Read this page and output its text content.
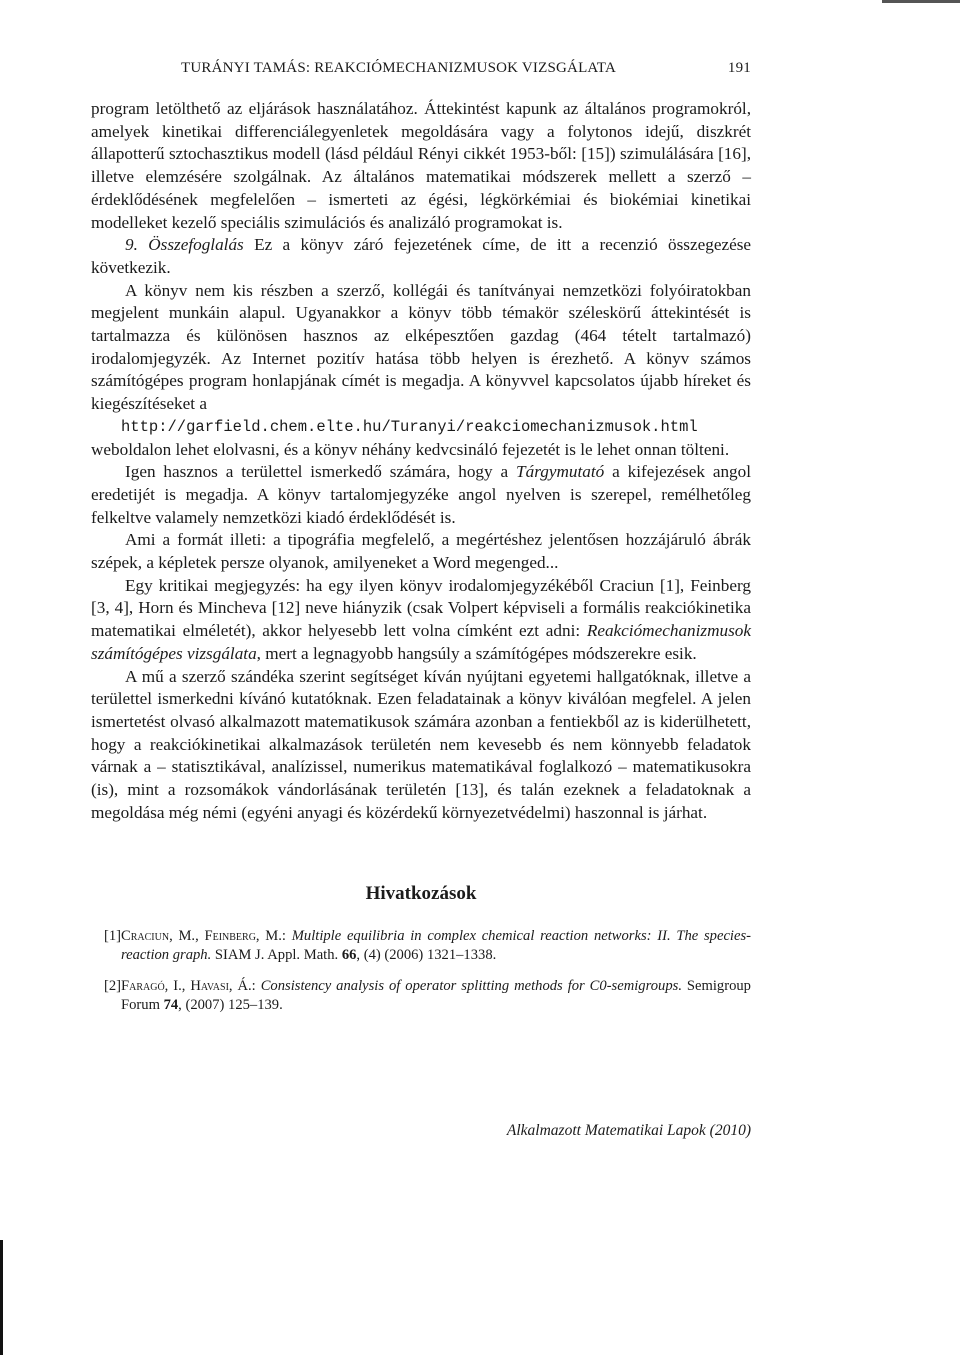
TURÁNYI TAMÁS: REAKCIÓMECHANIZMUSOK VIZSGÁLATA	191

program letölthető az eljárások használatához. Áttekintést kapunk az általános programokról, amelyek kinetikai differenciálegyenletek megoldására vagy a folytonos idejű, diszkrét állapotterű sztochasztikus modell (lásd például Rényi cikkét 1953-ből: [15]) szimulálására [16], illetve elemzésére szolgálnak. Az általános matematikai módszerek mellett a szerző – érdeklődésének megfelelően – ismerteti az égési, légkörkémiai és biokémiai kinetikai modelleket kezelő speciális szimulációs és analizáló programokat is.

9. Összefoglalás Ez a könyv záró fejezetének címe, de itt a recenzió összegezése következik.

A könyv nem kis részben a szerző, kollégái és tanítványai nemzetközi folyóiratokban megjelent munkáin alapul. Ugyanakkor a könyv több témakör széleskörű áttekintését is tartalmazza és különösen hasznos az elképesztően gazdag (464 tételt tartalmazó) irodalomjegyzék. Az Internet pozitív hatása több helyen is érezhető. A könyv számos számítógépes program honlapjának címét is megadja. A könyvvel kapcsolatos újabb híreket és kiegészítéseket a
http://garfield.chem.elte.hu/Turanyi/reakciomechanizmusok.html
weboldalon lehet elolvasni, és a könyv néhány kedvcsináló fejezetét is le lehet onnan tölteni.

Igen hasznos a területtel ismerkedő számára, hogy a Tárgymutató a kifejezések angol eredetijét is megadja. A könyv tartalomjegyzéke angol nyelven is szerepel, remélhetőleg felkeltve valamely nemzetközi kiadó érdeklődését is.

Ami a formát illeti: a tipográfia megfelelő, a megértéshez jelentősen hozzájáruló ábrák szépek, a képletek persze olyanok, amilyeneket a Word megenged...

Egy kritikai megjegyzés: ha egy ilyen könyv irodalomjegyzékéből Craciun [1], Feinberg [3, 4], Horn és Mincheva [12] neve hiányzik (csak Volpert képviseli a formális reakciókinetika matematikai elméletét), akkor helyesebb lett volna címként ezt adni: Reakciómechanizmusok számítógépes vizsgálata, mert a legnagyobb hangsúly a számítógépes módszerekre esik.

A mű a szerző szándéka szerint segítséget kíván nyújtani egyetemi hallgatóknak, illetve a területtel ismerkedni kívánó kutatóknak. Ezen feladatainak a könyv kiválóan megfelel. A jelen ismertetést olvasó alkalmazott matematikusok számára azonban a fentiekből az is kiderülhetett, hogy a reakciókinetikai alkalmazások területén nem kevesebb és nem könnyebb feladatok várnak a – statisztikával, analízissel, numerikus matematikával foglalkozó – matematikusokra (is), mint a rozsomákok vándorlásának területén [13], és talán ezeknek a feladatoknak a megoldása még némi (egyéni anyagi és közérdekű környezetvédelmi) haszonnal is járhat.

Hivatkozások
[1] Craciun, M., Feinberg, M.: Multiple equilibria in complex chemical reaction networks: II. The species-reaction graph. SIAM J. Appl. Math. 66, (4) (2006) 1321–1338.
[2] Faragó, I., Havasi, Á.: Consistency analysis of operator splitting methods for C0-semigroups. Semigroup Forum 74, (2007) 125–139.
Alkalmazott Matematikai Lapok (2010)
